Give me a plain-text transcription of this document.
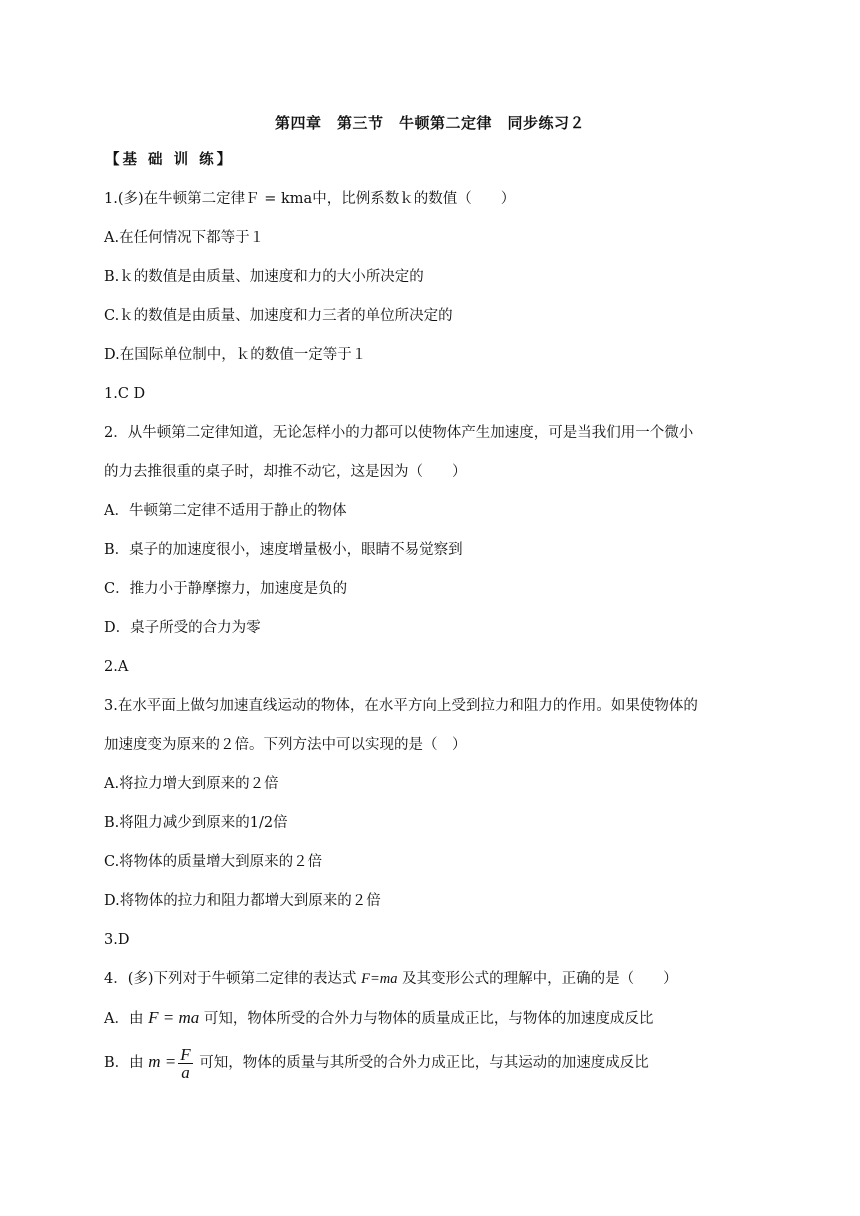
第四章　第三节　牛顿第二定律　同步练习２
【基 础 训 练】
1.(多)在牛顿第二定律Ｆ = kma中，比例系数ｋ的数值（　　）
A.在任何情况下都等于１
B.ｋ的数值是由质量、加速度和力的大小所决定的
C.ｋ的数值是由质量、加速度和力三者的单位所决定的
D.在国际单位制中，ｋ的数值一定等于１
1.C D
2．从牛顿第二定律知道，无论怎样小的力都可以使物体产生加速度，可是当我们用一个微小
的力去推很重的桌子时，却推不动它，这是因为（　　）
A．牛顿第二定律不适用于静止的物体
B．桌子的加速度很小，速度增量极小，眼睛不易觉察到
C．推力小于静摩擦力，加速度是负的
D．桌子所受的合力为零
2.A
3.在水平面上做匀加速直线运动的物体，在水平方向上受到拉力和阻力的作用。如果使物体的
加速度变为原来的２倍。下列方法中可以实现的是（　）
A.将拉力增大到原来的２倍
B.将阻力减少到原来的1/2倍
C.将物体的质量增大到原来的２倍
D.将物体的拉力和阻力都增大到原来的２倍
3.D
4．(多)下列对于牛顿第二定律的表达式 F=ma 及其变形公式的理解中，正确的是（　　）
A．由 F = ma 可知，物体所受的合外力与物体的质量成正比，与物体的加速度成反比
B．由 $m = \frac{F}{a}$ 可知，物体的质量与其所受的合外力成正比，与其运动的加速度成反比
